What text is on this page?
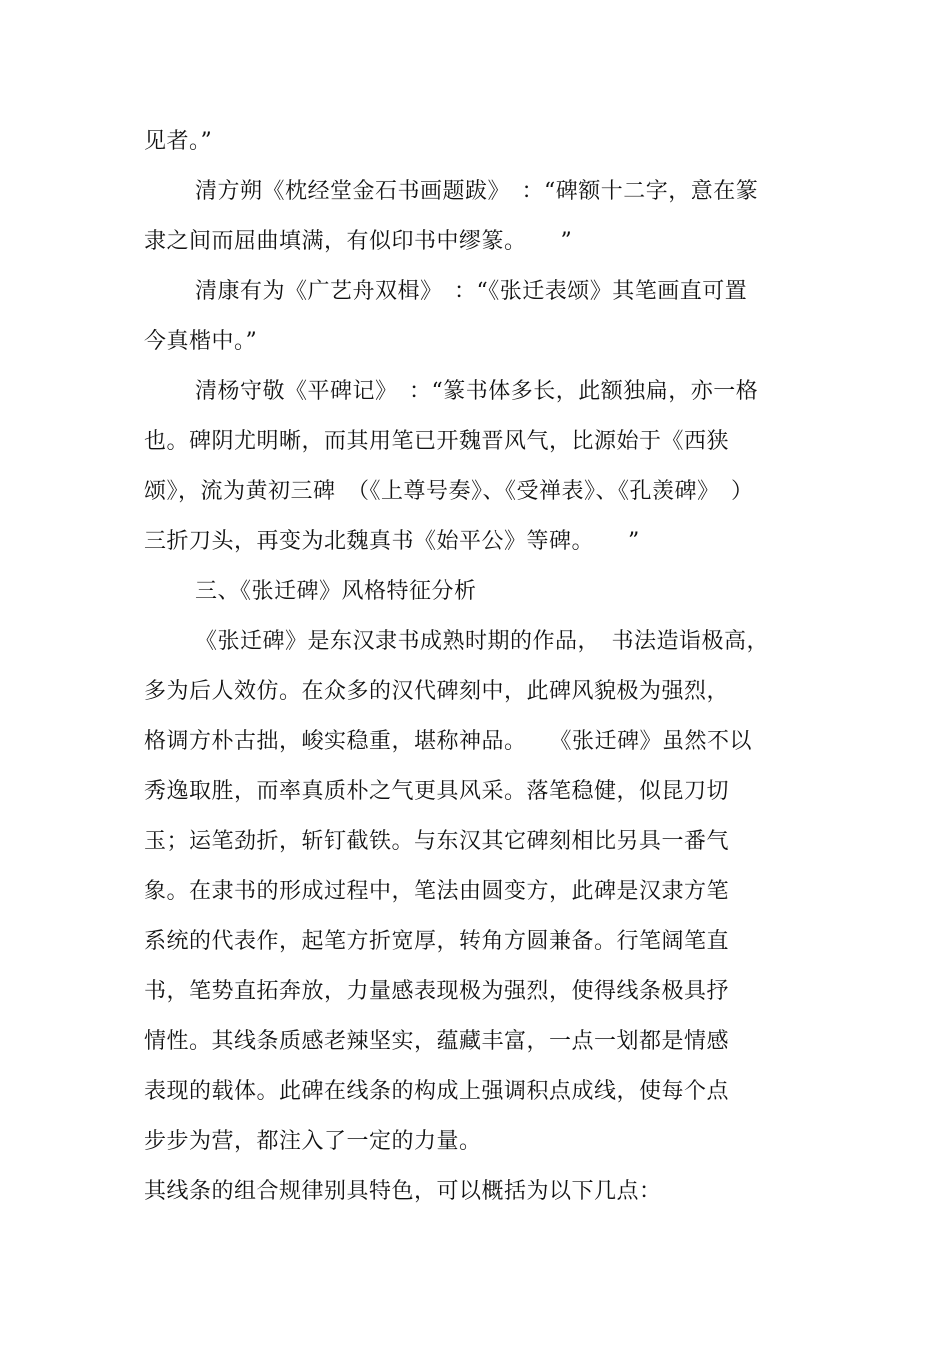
见者。”
清方朔《枕经堂金石书画题跋》　：“碑额十二字，意在篆
隶之间而屈曲填满，有似印书中缪篆。　　”
清康有为《广艺舟双楫》　：“《张迁表颂》其笔画直可置
今真楷中。”
清杨守敬《平碑记》　：“篆书体多长，此额独扁，亦一格
也。碑阴尤明晰，而其用笔已开魏晋风气，比源始于《西狭
颂》，流为黄初三碑　（《上尊号奏》、《受禅表》、《孔羡碑》　）
三折刀头，再变为北魏真书《始平公》等碑。　　”
三、《张迁碑》风格特征分析
《张迁碑》是东汉隶书成熟时期的作品，　书法造诣极高，
多为后人效仿。在众多的汉代碑刻中，此碑风貌极为强烈，
格调方朴古拙，峻实稳重，堪称神品。　　《张迁碑》虽然不以
秀逸取胜，而率真质朴之气更具风采。落笔稳健，似昆刀切
玉；运笔劲折，斩钉截铁。与东汉其它碑刻相比另具一番气
象。在隶书的形成过程中，笔法由圆变方，此碑是汉隶方笔
系统的代表作，起笔方折宽厚，转角方圆兼备。行笔阔笔直
书，笔势直拓奔放，力量感表现极为强烈，使得线条极具抒
情性。其线条质感老辣坚实，蕴藏丰富，一点一划都是情感
表现的载体。此碑在线条的构成上强调积点成线，使每个点
步步为营，都注入了一定的力量。
其线条的组合规律别具特色，可以概括为以下几点：
